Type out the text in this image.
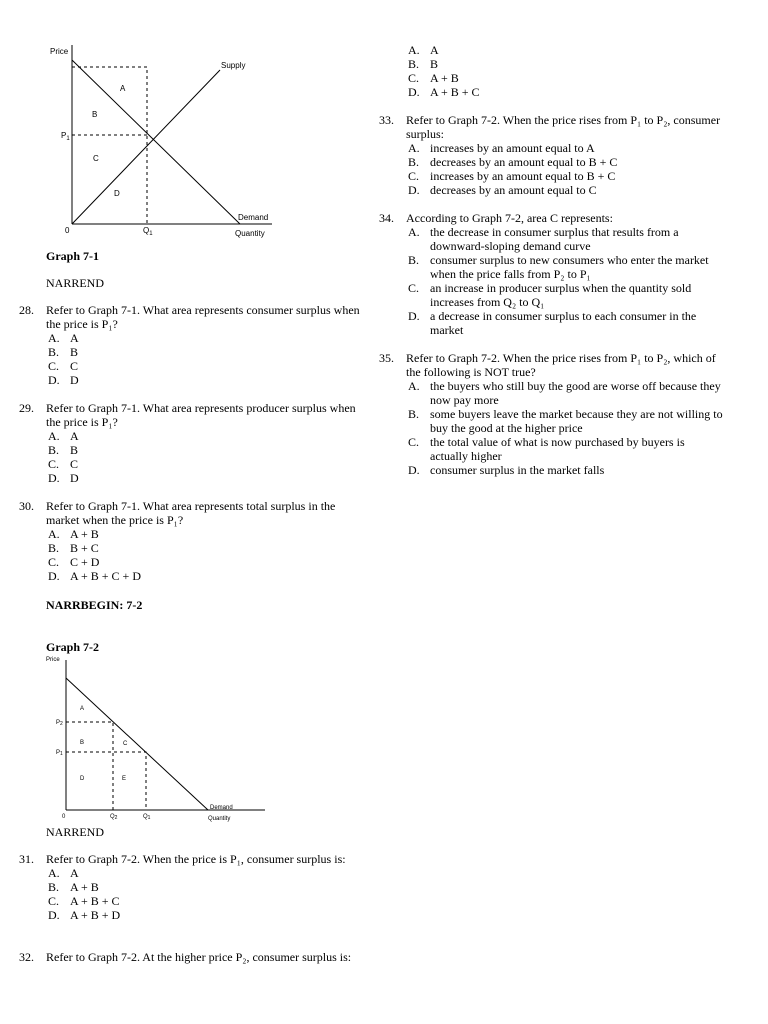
Price
Supply
A
B
C
D
$P_1$
Demand
0	$Q_1$	Quantity
Graph 7-1
NARREND
28. Refer to Graph 7-1. What area represents consumer surplus when the price is P₁?
A. A
B. B
C. C
D. D
29. Refer to Graph 7-1. What area represents producer surplus when the price is P₁?
A. A
B. B
C. C
D. D
30. Refer to Graph 7-1. What area represents total surplus in the market when the price is P₁?
A. A + B
B. B + C
C. C + D
D. A + B + C + D
NARRBEGIN: 7-2
Graph 7-2
Price
A
P2
B	C
P1
D	E
Demand
0	Q2	Q1	Quantity
NARREND
31. Refer to Graph 7-2. When the price is P₁, consumer surplus is:
A. A
B. A + B
C. A + B + C
D. A + B + D
32. Refer to Graph 7-2. At the higher price P₂, consumer surplus is:
A. A
B. B
C. A + B
D. A + B + C
33. Refer to Graph 7-2. When the price rises from P₁ to P₂, consumer surplus:
A. increases by an amount equal to A
B. decreases by an amount equal to B + C
C. increases by an amount equal to B + C
D. decreases by an amount equal to C
34. According to Graph 7-2, area C represents:
A. the decrease in consumer surplus that results from a downward-sloping demand curve
B. consumer surplus to new consumers who enter the market when the price falls from P₂ to P₁
C. an increase in producer surplus when the quantity sold increases from Q₂ to Q₁
D. a decrease in consumer surplus to each consumer in the market
35. Refer to Graph 7-2. When the price rises from P₁ to P₂, which of the following is NOT true?
A. the buyers who still buy the good are worse off because they now pay more
B. some buyers leave the market because they are not willing to buy the good at the higher price
C. the total value of what is now purchased by buyers is actually higher
D. consumer surplus in the market falls
